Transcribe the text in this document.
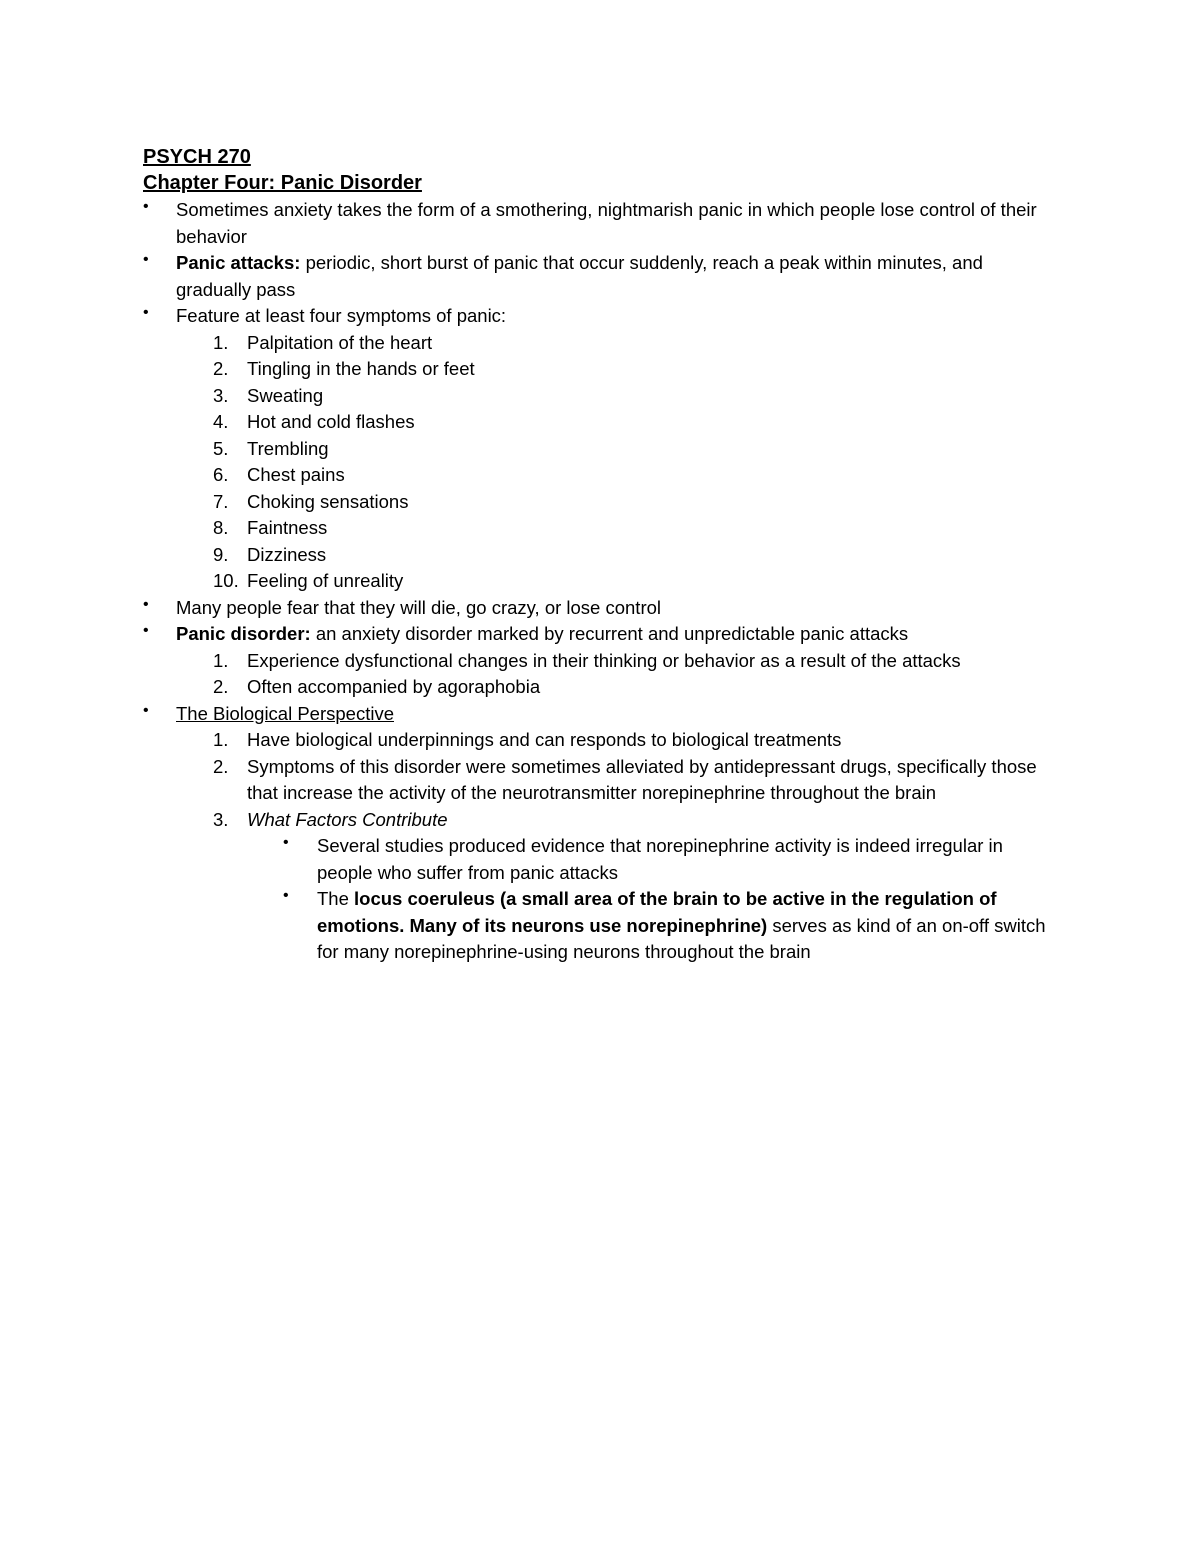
PSYCH 270
Chapter Four: Panic Disorder
• Sometimes anxiety takes the form of a smothering, nightmarish panic in which people lose control of their behavior
• Panic attacks: periodic, short burst of panic that occur suddenly, reach a peak within minutes, and gradually pass
• Feature at least four symptoms of panic:
1.	Palpitation of the heart
2.	Tingling in the hands or feet
3.	Sweating
4.	Hot and cold flashes
5.	Trembling
6.	Chest pains
7.	Choking sensations
8.	Faintness
9.	Dizziness
10. Feeling of unreality
• Many people fear that they will die, go crazy, or lose control
• Panic disorder: an anxiety disorder marked by recurrent and unpredictable panic attacks
1.	Experience dysfunctional changes in their thinking or behavior as a result of the attacks
2.	Often accompanied by agoraphobia
• The Biological Perspective
1.	Have biological underpinnings and can responds to biological treatments
2.	Symptoms of this disorder were sometimes alleviated by antidepressant drugs, specifically those that increase the activity of the neurotransmitter norepinephrine throughout the brain
3.	What Factors Contribute
• Several studies produced evidence that norepinephrine activity is indeed irregular in people who suffer from panic attacks
• The locus coeruleus (a small area of the brain to be active in the regulation of emotions. Many of its neurons use norepinephrine) serves as kind of an on-off switch for many norepinephrine-using neurons throughout the brain
